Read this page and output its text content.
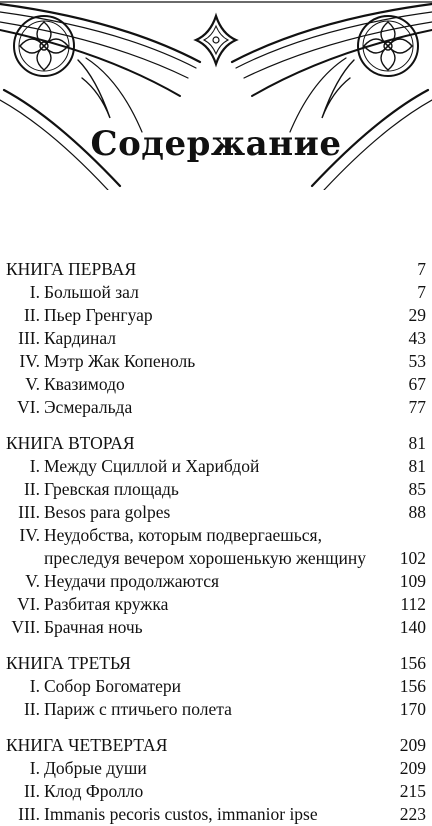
Содержание
КНИГА ПЕРВАЯ . . .	7
I. Большой зал . . .	7
II. Пьер Гренгуар . . .	29
III. Кардинал . . .	43
IV. Мэтр Жак Копеноль . . .	53
V. Квазимодо . . .	67
VI. Эсмеральда . . .	77
КНИГА ВТОРАЯ . . .	81
I. Между Сциллой и Харибдой . . .	81
II. Гревская площадь . . .	85
III. Besos para golpes . . .	88
IV. Неудобства, которым подвергаешься,
преследуя вечером хорошенькую женщину . . .	102
V. Неудачи продолжаются . . .	109
VI. Разбитая кружка . . .	112
VII. Брачная ночь . . .	140
КНИГА ТРЕТЬЯ . . .	156
I. Собор Богоматери . . .	156
II. Париж с птичьего полета . . .	170
КНИГА ЧЕТВЕРТАЯ . . .	209
I. Добрые души . . .	209
II. Клод Фролло . . .	215
III. Immanis pecoris custos, immanior ipse . . .	223
